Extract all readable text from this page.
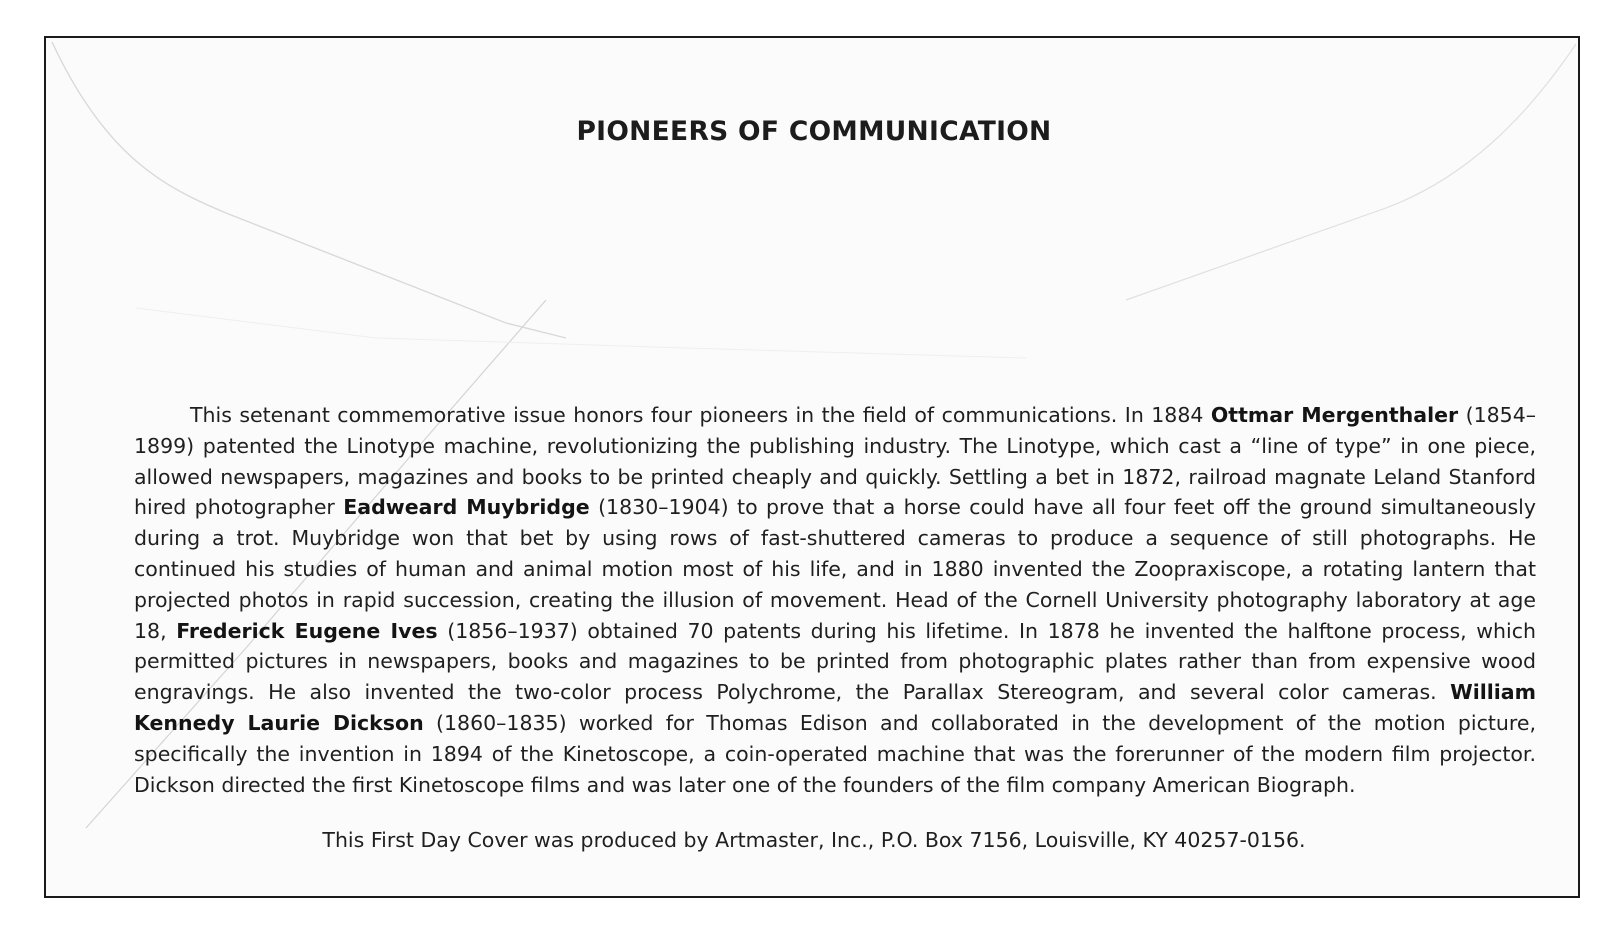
PIONEERS OF COMMUNICATION

This setenant commemorative issue honors four pioneers in the field of communications. In 1884 Ottmar Mergenthaler (1854–1899) patented the Linotype machine, revolutionizing the publishing industry. The Linotype, which cast a “line of type” in one piece, allowed newspapers, magazines and books to be printed cheaply and quickly. Settling a bet in 1872, railroad magnate Leland Stanford hired photographer Eadweard Muybridge (1830–1904) to prove that a horse could have all four feet off the ground simultaneously during a trot. Muybridge won that bet by using rows of fast-shuttered cameras to produce a sequence of still photographs. He continued his studies of human and animal motion most of his life, and in 1880 invented the Zoopraxiscope, a rotating lantern that projected photos in rapid succession, creating the illusion of movement. Head of the Cornell University photography laboratory at age 18, Frederick Eugene Ives (1856–1937) obtained 70 patents during his lifetime. In 1878 he invented the halftone process, which permitted pictures in newspapers, books and magazines to be printed from photographic plates rather than from expensive wood engravings. He also invented the two-color process Polychrome, the Parallax Stereogram, and several color cameras. William Kennedy Laurie Dickson (1860–1835) worked for Thomas Edison and collaborated in the development of the motion picture, specifically the invention in 1894 of the Kinetoscope, a coin-operated machine that was the forerunner of the modern film projector. Dickson directed the first Kinetoscope films and was later one of the founders of the film company American Biograph.

This First Day Cover was produced by Artmaster, Inc., P.O. Box 7156, Louisville, KY 40257-0156.
